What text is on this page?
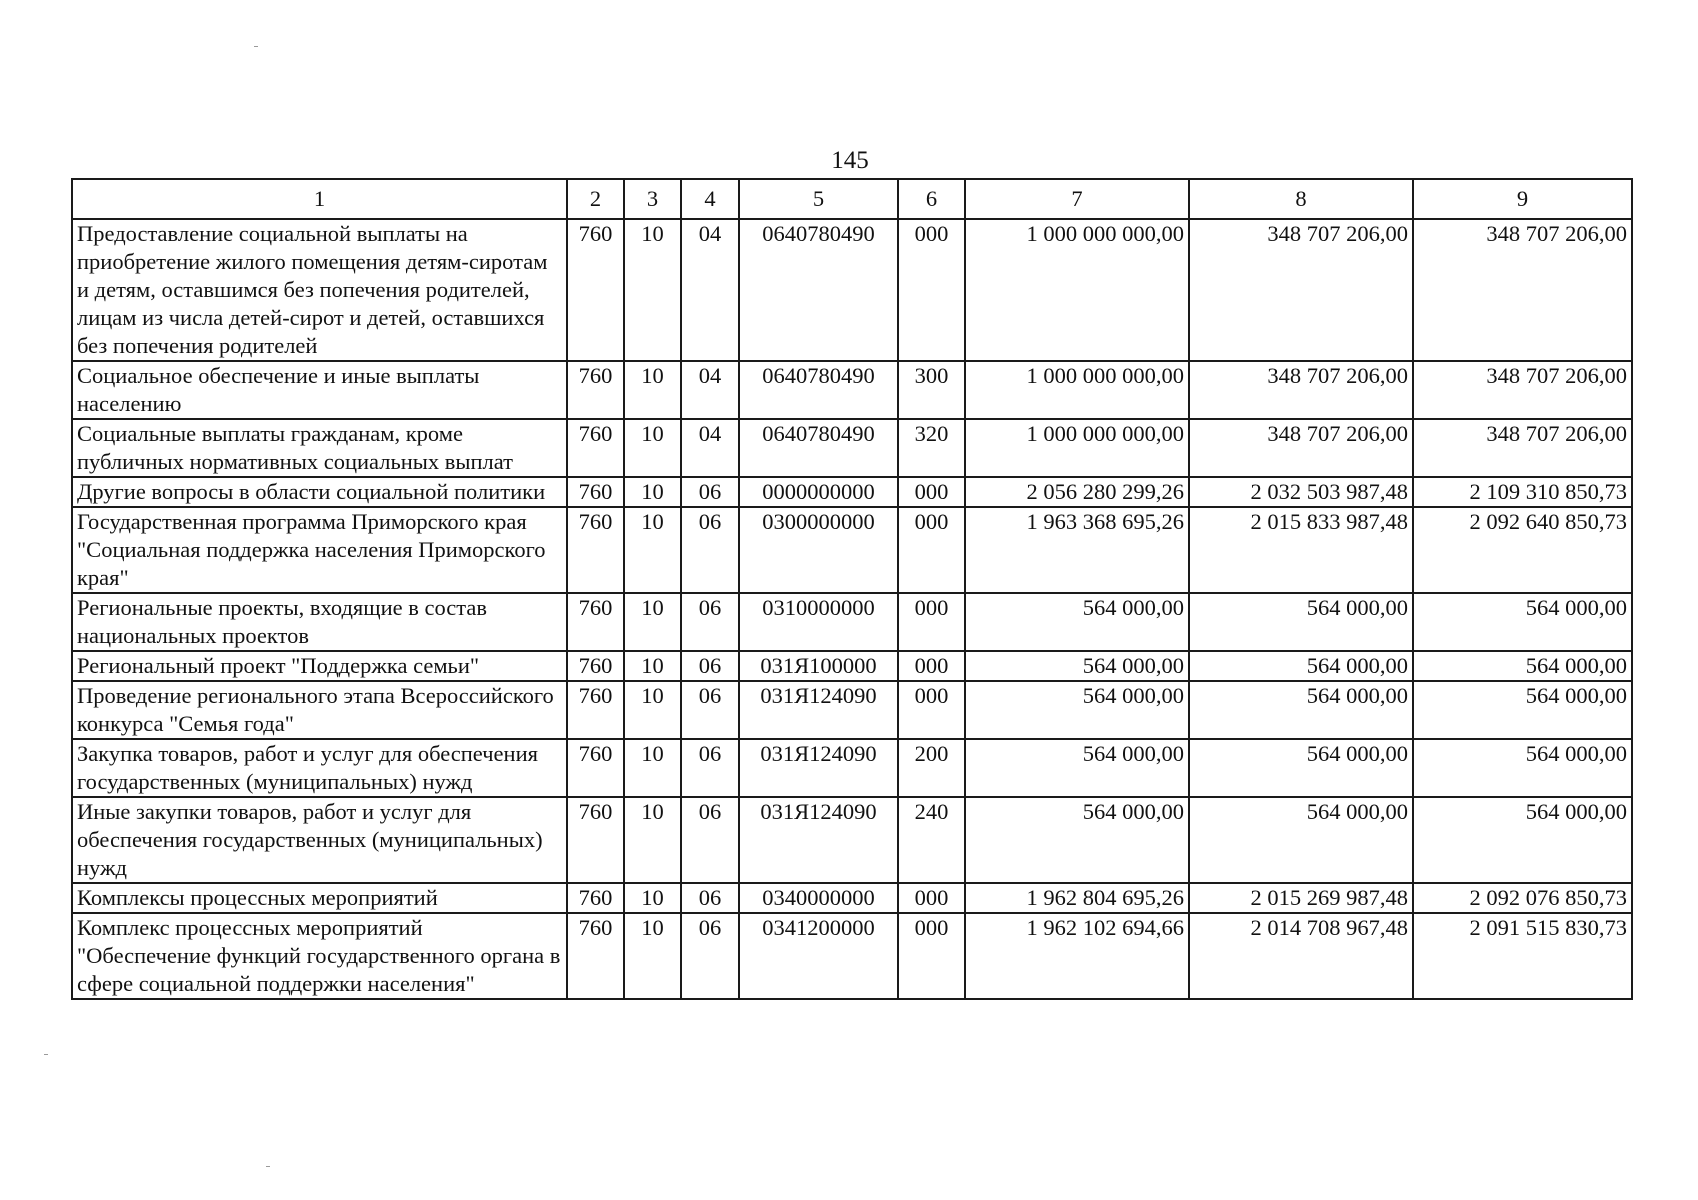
145
1	2	3	4	5	6	7	8	9
Предоставление социальной выплаты на приобретение жилого помещения детям-сиротам и детям, оставшимся без попечения родителей, лицам из числа детей-сирот и детей, оставшихся без попечения родителей	760	10	04	0640780490	000	1 000 000 000,00	348 707 206,00	348 707 206,00
Социальное обеспечение и иные выплаты населению	760	10	04	0640780490	300	1 000 000 000,00	348 707 206,00	348 707 206,00
Социальные выплаты гражданам, кроме публичных нормативных социальных выплат	760	10	04	0640780490	320	1 000 000 000,00	348 707 206,00	348 707 206,00
Другие вопросы в области социальной политики	760	10	06	0000000000	000	2 056 280 299,26	2 032 503 987,48	2 109 310 850,73
Государственная программа Приморского края "Социальная поддержка населения Приморского края"	760	10	06	0300000000	000	1 963 368 695,26	2 015 833 987,48	2 092 640 850,73
Региональные проекты, входящие в состав национальных проектов	760	10	06	0310000000	000	564 000,00	564 000,00	564 000,00
Региональный проект "Поддержка семьи"	760	10	06	031Я100000	000	564 000,00	564 000,00	564 000,00
Проведение регионального этапа Всероссийского конкурса "Семья года"	760	10	06	031Я124090	000	564 000,00	564 000,00	564 000,00
Закупка товаров, работ и услуг для обеспечения государственных (муниципальных) нужд	760	10	06	031Я124090	200	564 000,00	564 000,00	564 000,00
Иные закупки товаров, работ и услуг для обеспечения государственных (муниципальных) нужд	760	10	06	031Я124090	240	564 000,00	564 000,00	564 000,00
Комплексы процессных мероприятий	760	10	06	0340000000	000	1 962 804 695,26	2 015 269 987,48	2 092 076 850,73
Комплекс процессных мероприятий "Обеспечение функций государственного органа в сфере социальной поддержки населения"	760	10	06	0341200000	000	1 962 102 694,66	2 014 708 967,48	2 091 515 830,73
